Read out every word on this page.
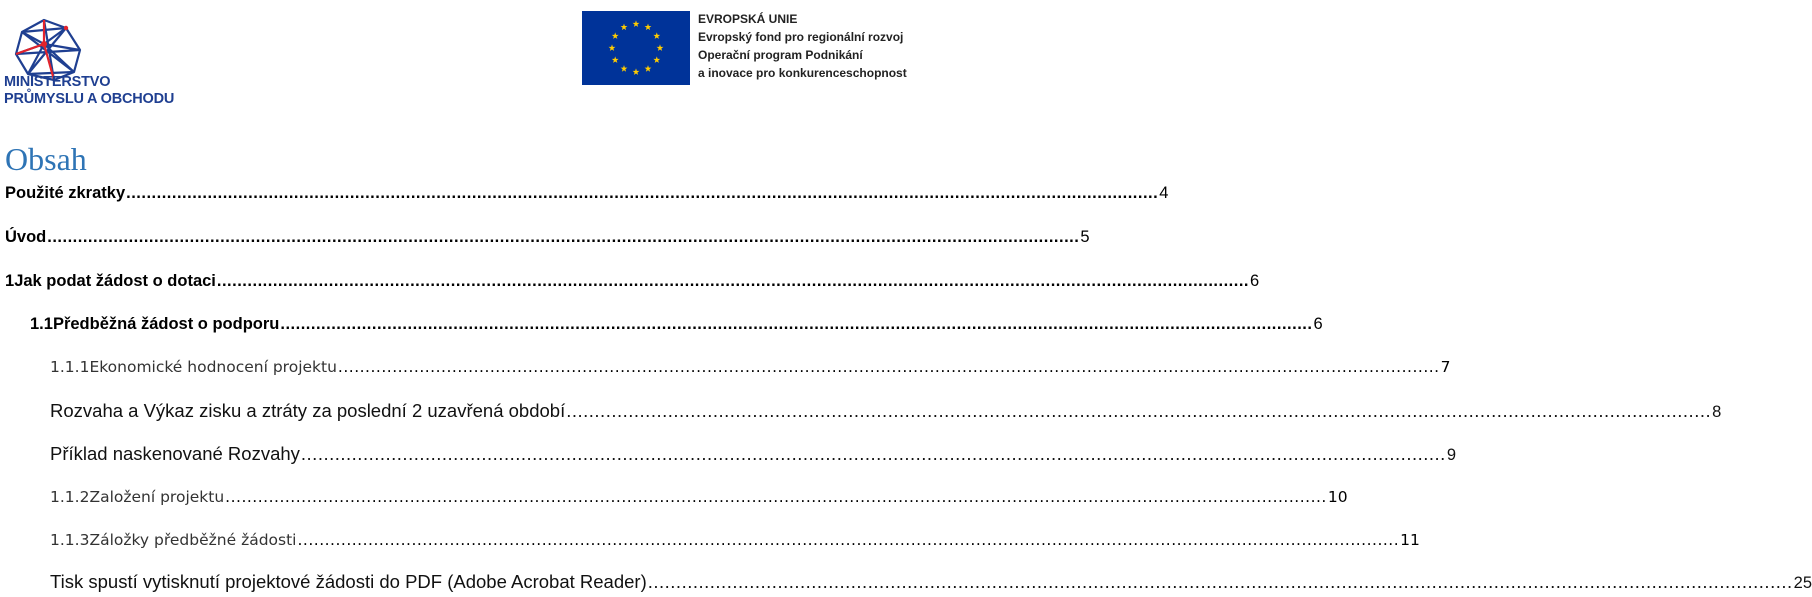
MINISTERSTVO
PRŮMYSLU A OBCHODU
EVROPSKÁ UNIE
Evropský fond pro regionální rozvoj
Operační program Podnikání
a inovace pro konkurenceschopnost
Obsah
Použité zkratky ........................................................................................................................................................................................................... 4
Úvod ........................................................................................................................................................................................................... 5
1 Jak podat žádost o dotaci ........................................................................................................................................................................................................... 6
1.1 Předběžná žádost o podporu ........................................................................................................................................................................................................... 6
1.1.1 Ekonomické hodnocení projektu ........................................................................................................................................................................................................... 7
Rozvaha a Výkaz zisku a ztráty za poslední 2 uzavřená období ........................................................................................................................................................................................................... 8
Příklad naskenované Rozvahy ........................................................................................................................................................................................................... 9
1.1.2 Založení projektu ........................................................................................................................................................................................................... 10
1.1.3 Záložky předběžné žádosti ........................................................................................................................................................................................................... 11
Tisk spustí vytisknutí projektové žádosti do PDF (Adobe Acrobat Reader) ........................................................................................................................................................................................................... 25
